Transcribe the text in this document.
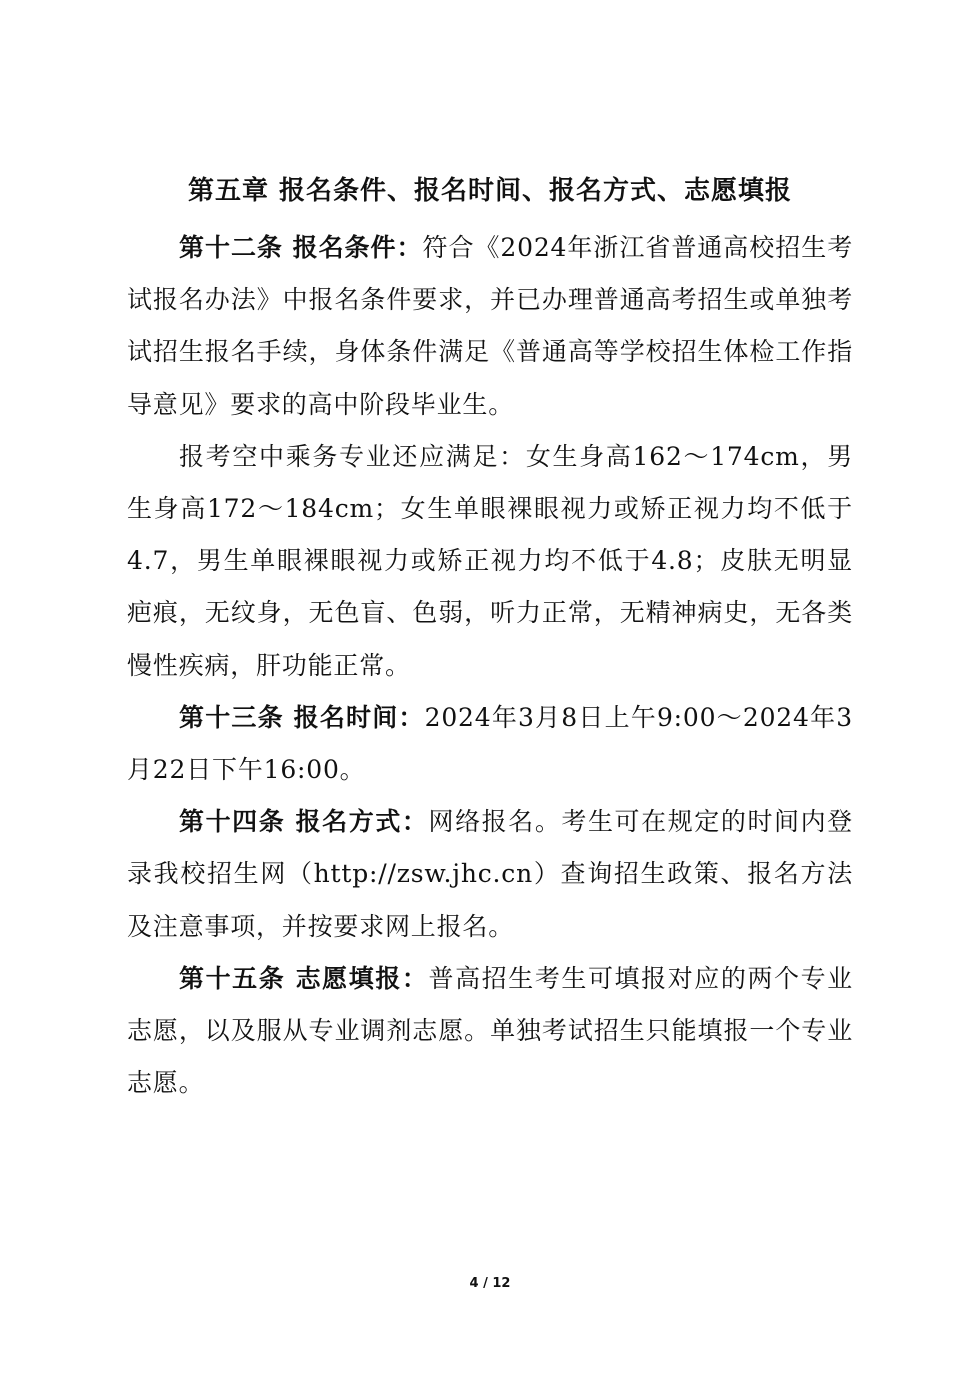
第五章 报名条件、报名时间、报名方式、志愿填报

第十二条 报名条件：符合《2024年浙江省普通高校招生考试报名办法》中报名条件要求，并已办理普通高考招生或单独考试招生报名手续，身体条件满足《普通高等学校招生体检工作指导意见》要求的高中阶段毕业生。

报考空中乘务专业还应满足：女生身高162～174cm，男生身高172～184cm；女生单眼裸眼视力或矫正视力均不低于4.7，男生单眼裸眼视力或矫正视力均不低于4.8；皮肤无明显疤痕，无纹身，无色盲、色弱，听力正常，无精神病史，无各类慢性疾病，肝功能正常。

第十三条 报名时间：2024年3月8日上午9:00～2024年3月22日下午16:00。

第十四条 报名方式：网络报名。考生可在规定的时间内登录我校招生网（http://zsw.jhc.cn）查询招生政策、报名方法及注意事项，并按要求网上报名。

第十五条 志愿填报：普高招生考生可填报对应的两个专业志愿，以及服从专业调剂志愿。单独考试招生只能填报一个专业志愿。

4 / 12
